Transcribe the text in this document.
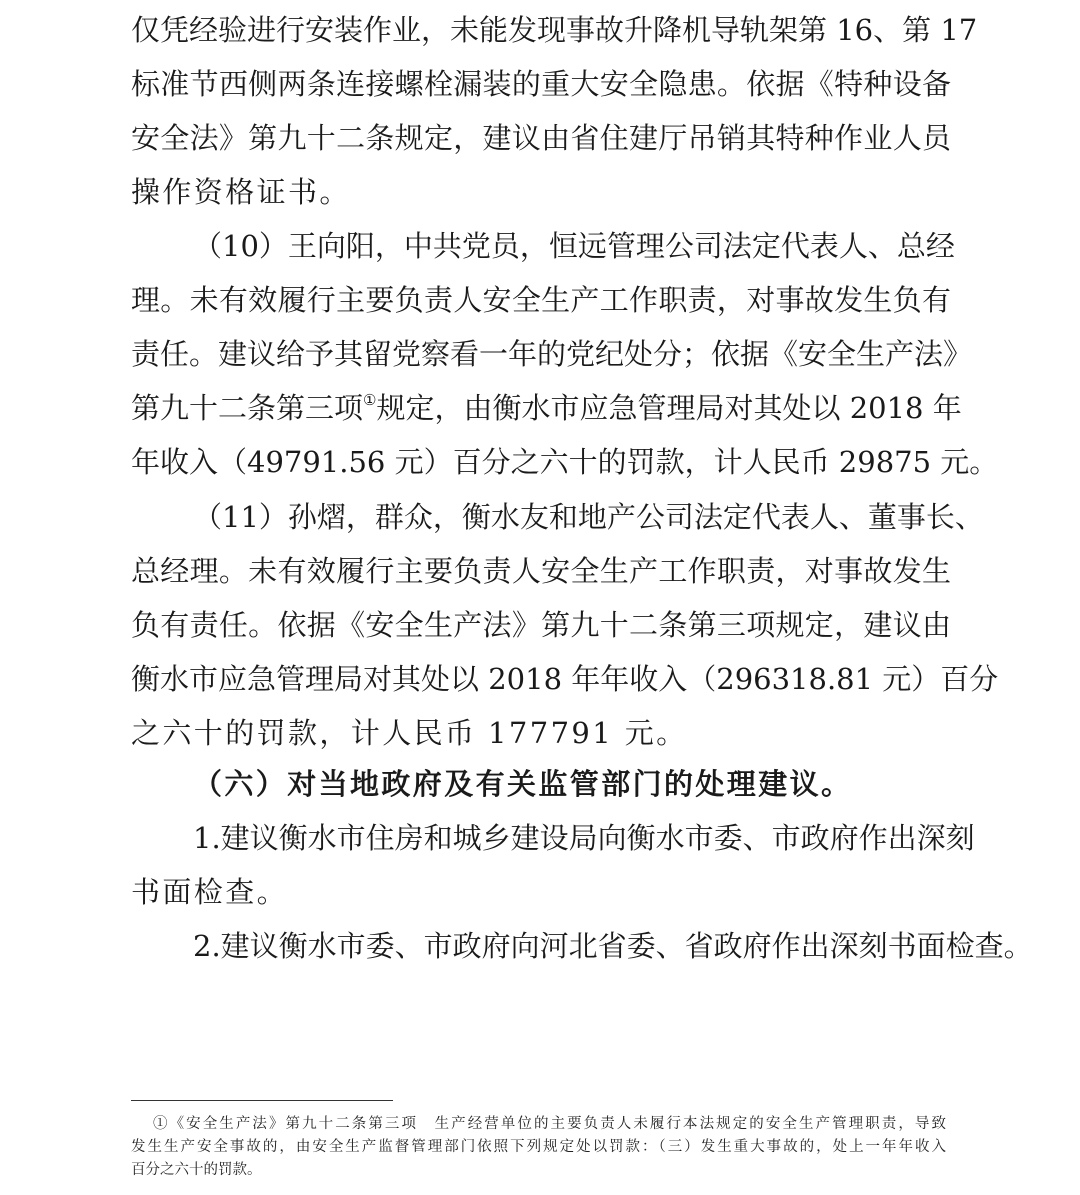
仅凭经验进行安装作业，未能发现事故升降机导轨架第 16、第 17
标准节西侧两条连接螺栓漏装的重大安全隐患。依据《特种设备
安全法》第九十二条规定，建议由省住建厅吊销其特种作业人员
操作资格证书。
（10）王向阳，中共党员，恒远管理公司法定代表人、总经
理。未有效履行主要负责人安全生产工作职责，对事故发生负有
责任。建议给予其留党察看一年的党纪处分；依据《安全生产法》
第九十二条第三项①规定，由衡水市应急管理局对其处以 2018 年
年收入（49791.56 元）百分之六十的罚款，计人民币 29875 元。
（11）孙熠，群众，衡水友和地产公司法定代表人、董事长、
总经理。未有效履行主要负责人安全生产工作职责，对事故发生
负有责任。依据《安全生产法》第九十二条第三项规定，建议由
衡水市应急管理局对其处以 2018 年年收入（296318.81 元）百分
之六十的罚款，计人民币 177791 元。
（六）对当地政府及有关监管部门的处理建议。
1.建议衡水市住房和城乡建设局向衡水市委、市政府作出深刻
书面检查。
2.建议衡水市委、市政府向河北省委、省政府作出深刻书面检查。
①《安全生产法》第九十二条第三项　生产经营单位的主要负责人未履行本法规定的安全生产管理职责，导致
发生生产安全事故的，由安全生产监督管理部门依照下列规定处以罚款：（三）发生重大事故的，处上一年年收入
百分之六十的罚款。
